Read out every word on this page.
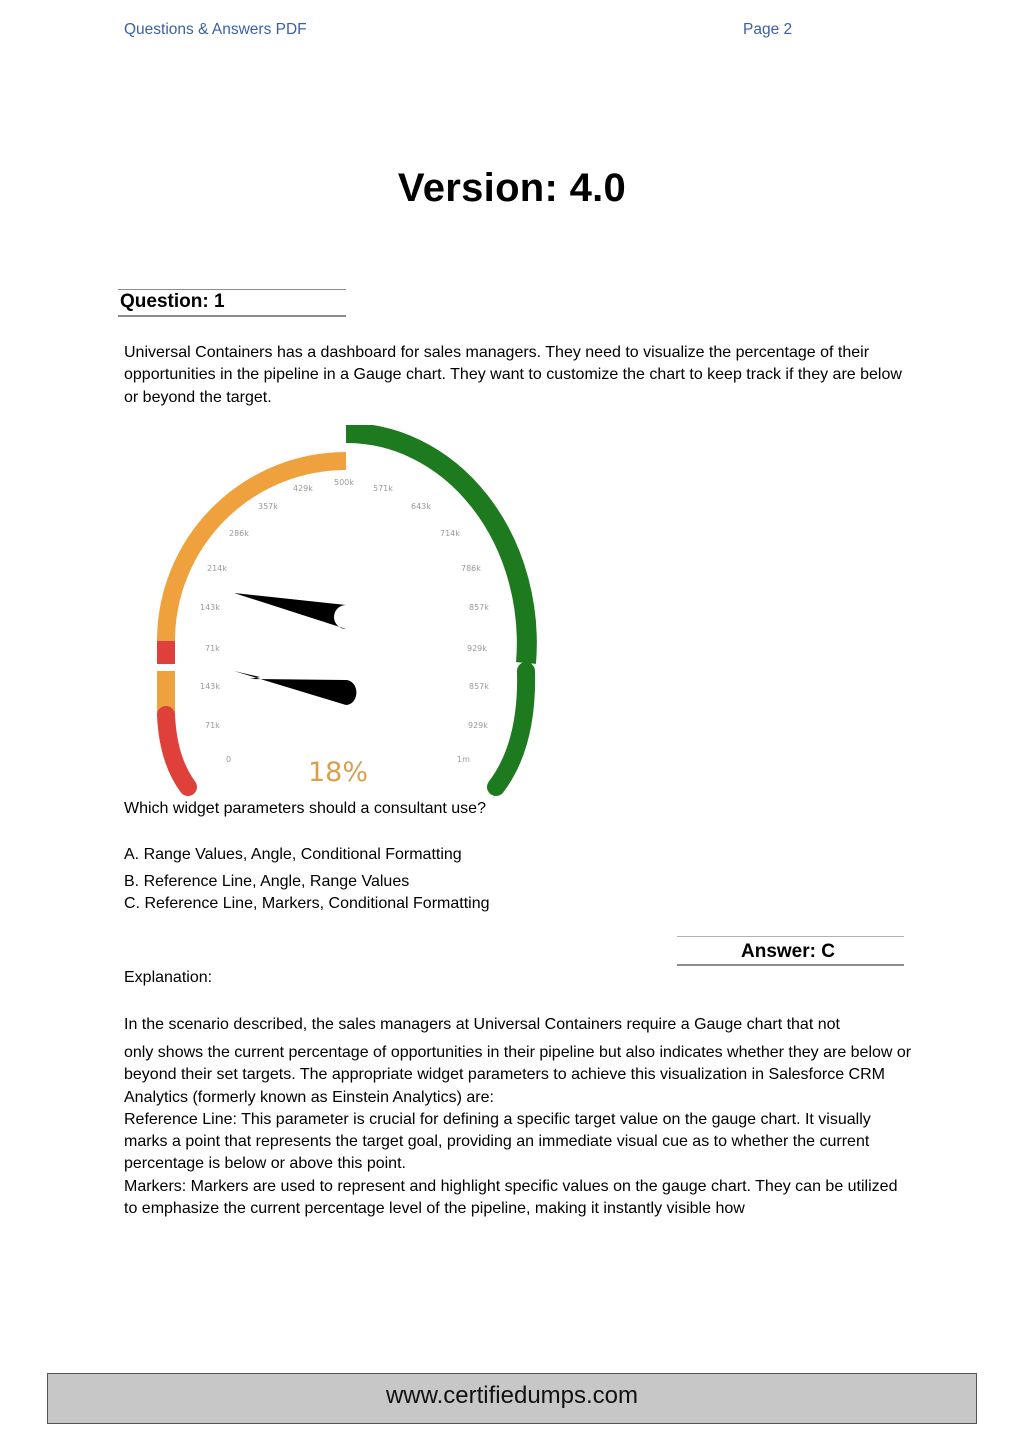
Questions & Answers PDF	Page 2
Version: 4.0
Question: 1
Universal Containers has a dashboard for sales managers. They need to visualize the percentage of their opportunities in the pipeline in a Gauge chart. They want to customize the chart to keep track if they are below or beyond the target.
143k
71k
214k
286k
357k
429k
500k
571k
643k
714k
786k
857k
929k
143k
71k
0	1m
929k
857k
18%
Which widget parameters should a consultant use?
A. Range Values, Angle, Conditional Formatting
B. Reference Line, Angle, Range Values
C. Reference Line, Markers, Conditional Formatting
Answer: C
Explanation:
In the scenario described, the sales managers at Universal Containers require a Gauge chart that not
only shows the current percentage of opportunities in their pipeline but also indicates whether they are below or beyond their set targets. The appropriate widget parameters to achieve this visualization in Salesforce CRM Analytics (formerly known as Einstein Analytics) are:
Reference Line: This parameter is crucial for defining a specific target value on the gauge chart. It visually marks a point that represents the target goal, providing an immediate visual cue as to whether the current percentage is below or above this point.
Markers: Markers are used to represent and highlight specific values on the gauge chart. They can be utilized to emphasize the current percentage level of the pipeline, making it instantly visible how
www.certifiedumps.com
